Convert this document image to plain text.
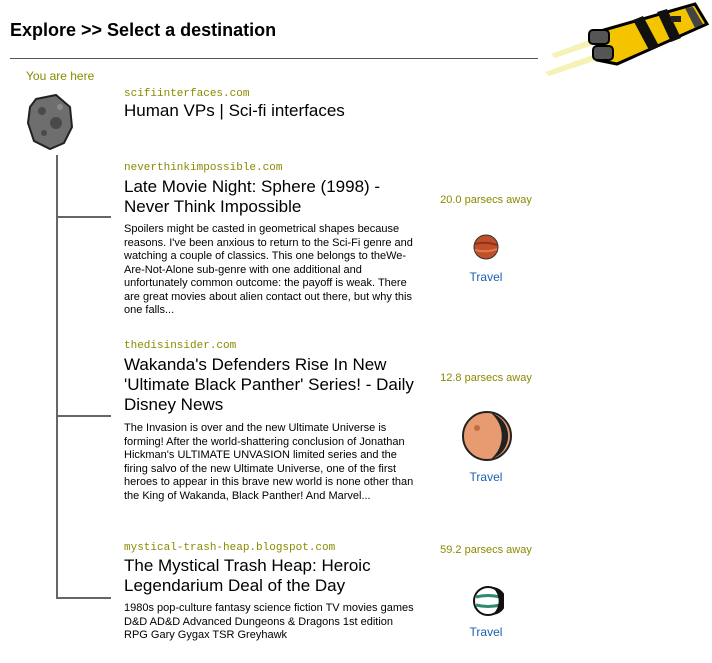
Explore >> Select a destination
You are here
scifiinterfaces.com
Human VPs | Sci-fi interfaces
neverthinkimpossible.com
Late Movie Night: Sphere (1998) - Never Think Impossible
Spoilers might be casted in geometrical shapes because reasons. I've been anxious to return to the Sci-Fi genre and watching a couple of classics. This one belongs to theWe-Are-Not-Alone sub-genre with one additional and unfortunately common outcome: the payoff is weak. There are great movies about alien contact out there, but why this one falls...
20.0 parsecs away
Travel
thedisinsider.com
Wakanda's Defenders Rise In New 'Ultimate Black Panther' Series! - Daily Disney News
The Invasion is over and the new Ultimate Universe is forming! After the world-shattering conclusion of Jonathan Hickman's ULTIMATE UNVASION limited series and the firing salvo of the new Ultimate Universe, one of the first heroes to appear in this brave new world is none other than the King of Wakanda, Black Panther! And Marvel...
12.8 parsecs away
Travel
mystical-trash-heap.blogspot.com
The Mystical Trash Heap: Heroic Legendarium Deal of the Day
1980s pop-culture fantasy science fiction TV movies games D&D AD&D Advanced Dungeons & Dragons 1st edition RPG Gary Gygax TSR Greyhawk
59.2 parsecs away
Travel
